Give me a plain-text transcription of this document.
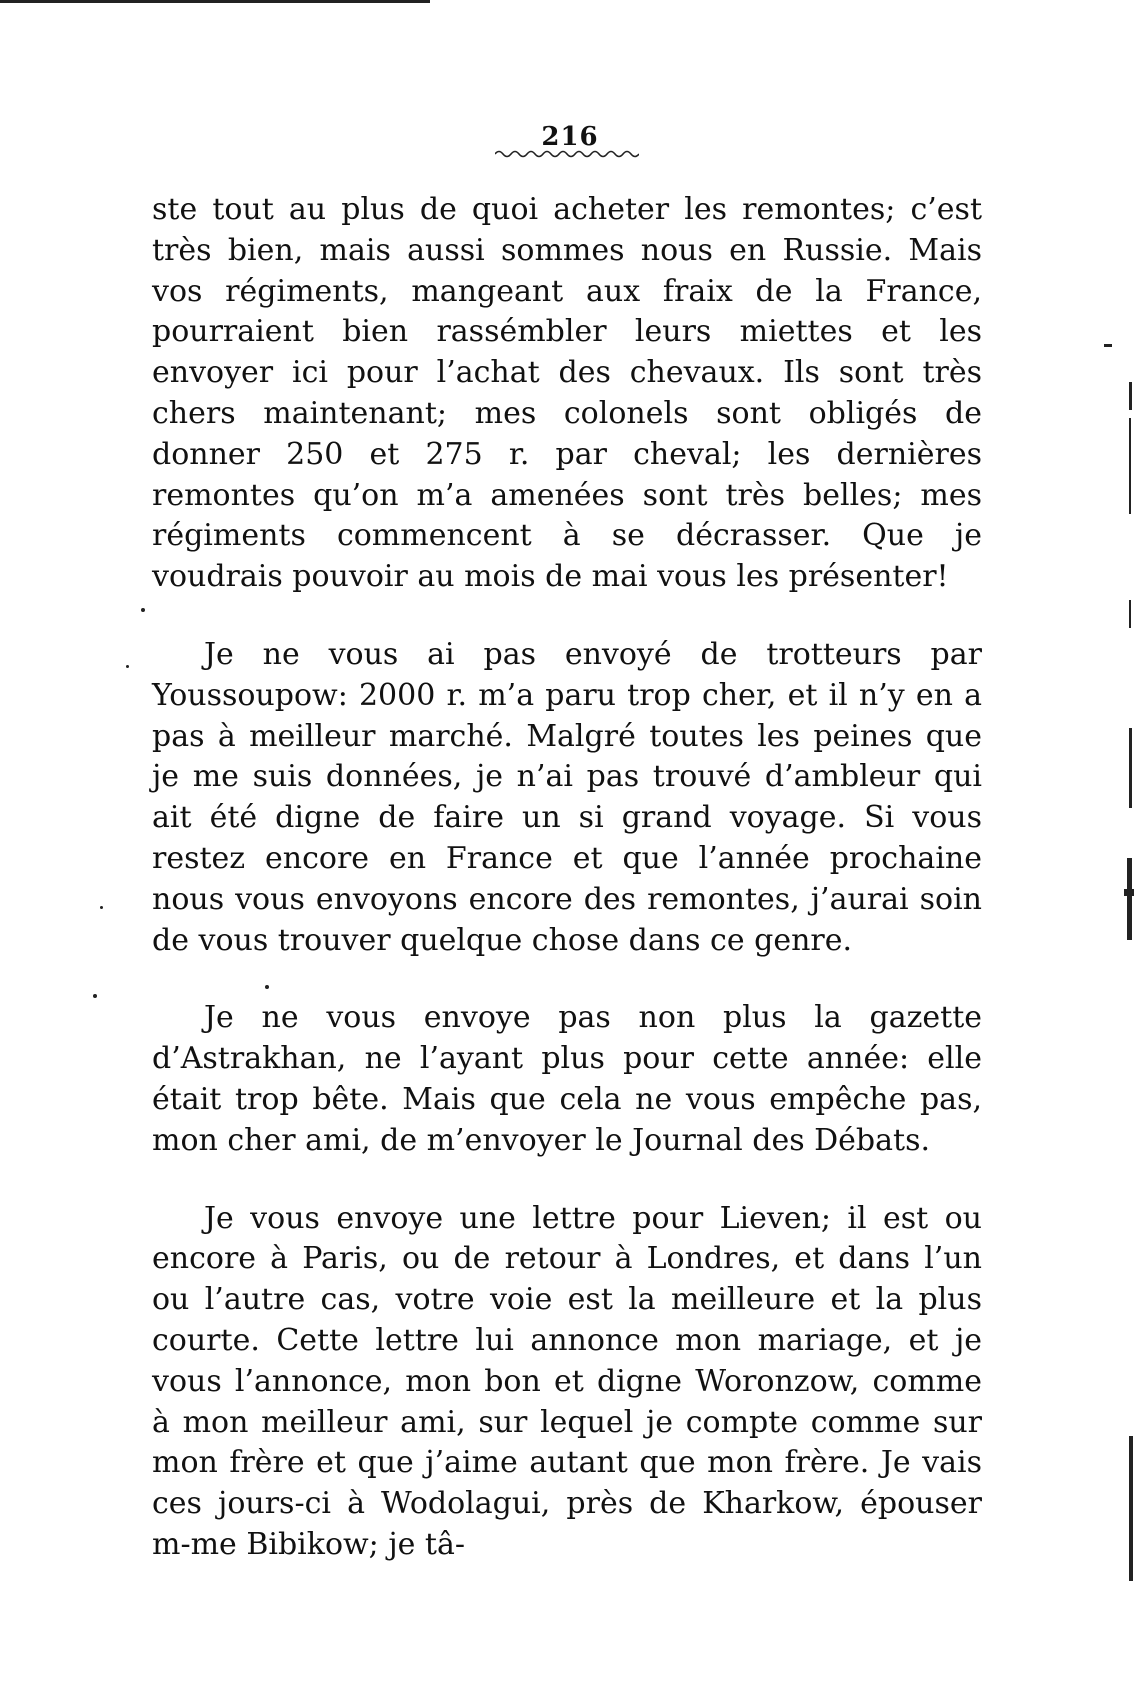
216

ste tout au plus de quoi acheter les remontes; c’est très bien, mais aussi sommes nous en Russie. Mais vos régiments, mangeant aux fraix de la France, pourraient bien rassémbler leurs miettes et les envoyer ici pour l’achat des chevaux. Ils sont très chers maintenant; mes colonels sont obligés de donner 250 et 275 r. par cheval; les dernières remontes qu’on m’a amenées sont très belles; mes régiments commencent à se décrasser. Que je voudrais pouvoir au mois de mai vous les présenter!

Je ne vous ai pas envoyé de trotteurs par Youssoupow: 2000 r. m’a paru trop cher, et il n’y en a pas à meilleur marché. Malgré toutes les peines que je me suis données, je n’ai pas trouvé d’ambleur qui ait été digne de faire un si grand voyage. Si vous restez encore en France et que l’année prochaine nous vous envoyons encore des remontes, j’aurai soin de vous trouver quelque chose dans ce genre.

Je ne vous envoye pas non plus la gazette d’Astrakhan, ne l’ayant plus pour cette année: elle était trop bête. Mais que cela ne vous empêche pas, mon cher ami, de m’envoyer le Journal des Débats.

Je vous envoye une lettre pour Lieven; il est ou encore à Paris, ou de retour à Londres, et dans l’un ou l’autre cas, votre voie est la meilleure et la plus courte. Cette lettre lui annonce mon mariage, et je vous l’annonce, mon bon et digne Woronzow, comme à mon meilleur ami, sur lequel je compte comme sur mon frère et que j’aime autant que mon frère. Je vais ces jours-ci à Wodolagui, près de Kharkow, épouser m-me Bibikow; je tâ-
